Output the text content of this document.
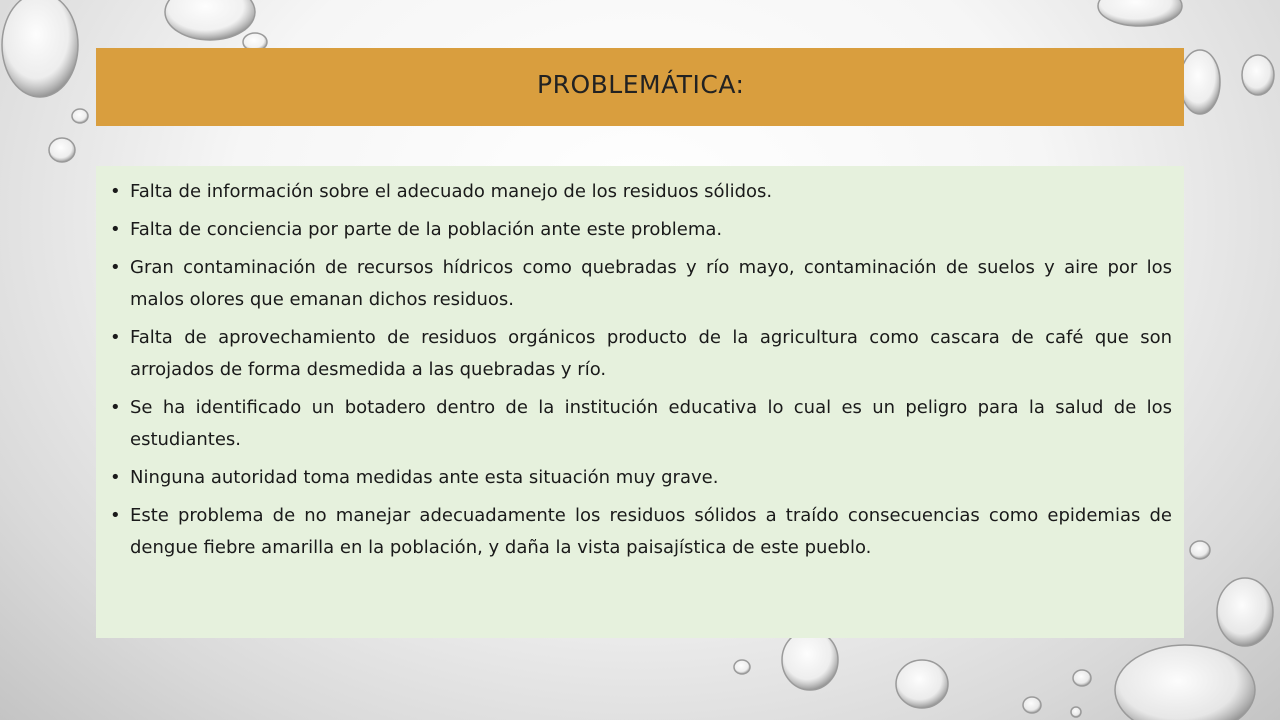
PROBLEMÁTICA:
• Falta de información sobre el adecuado manejo de los residuos sólidos.
• Falta de conciencia por parte de la población ante este problema.
• Gran contaminación de recursos hídricos como quebradas y río mayo, contaminación de suelos y aire por los malos olores que emanan dichos residuos.
• Falta de aprovechamiento de residuos orgánicos producto de la agricultura como cascara de café que son arrojados de forma desmedida a las quebradas y río.
• Se ha identificado un botadero dentro de la institución educativa lo cual es un peligro para la salud de los estudiantes.
• Ninguna autoridad toma medidas ante esta situación muy grave.
• Este problema de no manejar adecuadamente los residuos sólidos a traído consecuencias como epidemias de dengue fiebre amarilla en la población, y daña la vista paisajística de este pueblo.
